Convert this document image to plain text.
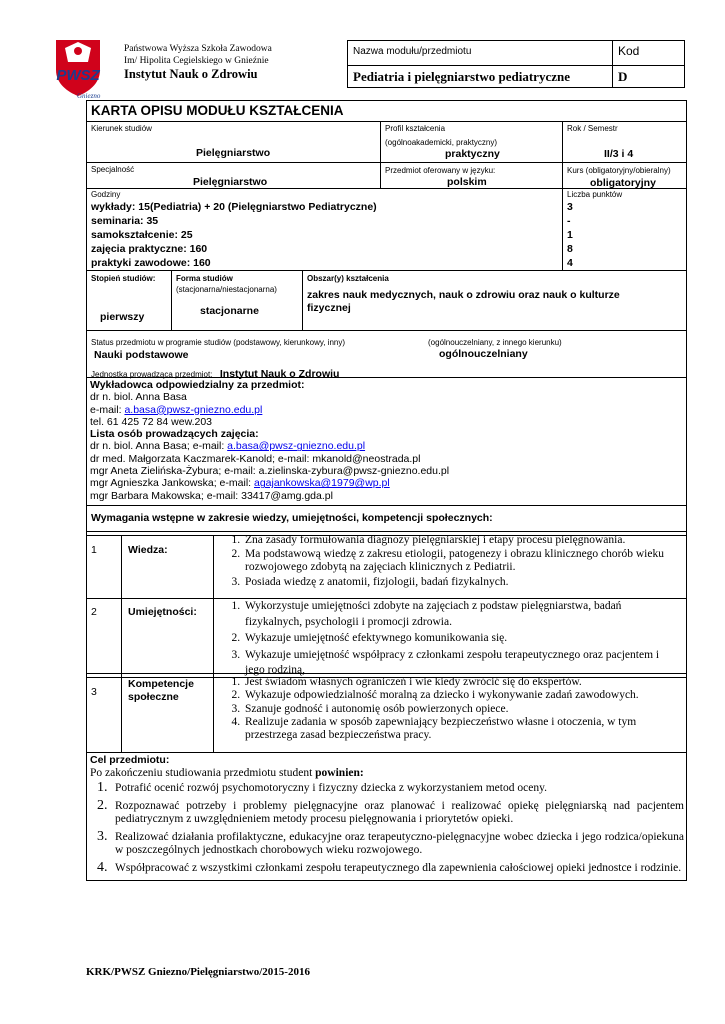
PWSZ
Gniezno
Państwowa Wyższa Szkoła Zawodowa
Im/ Hipolita Cegielskiego w Gnieźnie
Instytut Nauk o Zdrowiu
Nazwa modułu/przedmiotu	Kod
Pediatria i pielęgniarstwo pediatryczne	D
KARTA OPISU MODUŁU KSZTAŁCENIA
Kierunek studiów
Pielęgniarstwo
Profil kształcenia
(ogólnoakademicki, praktyczny)
praktyczny
Rok / Semestr
II/3 i 4
Specjalność
Pielęgniarstwo
Przedmiot oferowany w języku:
polskim
Kurs (obligatoryjny/obieralny)
obligatoryjny
Godziny
wykłady: 15(Pediatria) + 20 (Pielęgniarstwo Pediatryczne)
seminaria: 35
samokształcenie: 25
zajęcia praktyczne: 160
praktyki zawodowe: 160
Liczba punktów
3
-
1
8
4
Stopień studiów:
pierwszy
Forma studiów
(stacjonarna/niestacjonarna)
stacjonarne
Obszar(y) kształcenia
zakres nauk medycznych, nauk o zdrowiu oraz nauk o kulturze fizycznej
Status przedmiotu w programie studiów (podstawowy, kierunkowy, inny)
Nauki podstawowe
(ogólnouczelniany, z innego kierunku)
ogólnouczelniany
Jednostka prowadząca przedmiot: Instytut Nauk o Zdrowiu
Wykładowca odpowiedzialny za przedmiot:
dr n. biol. Anna Basa
e-mail: a.basa@pwsz-gniezno.edu.pl
tel. 61 425 72 84 wew.203
Lista osób prowadzących zajęcia:
dr n. biol. Anna Basa; e-mail: a.basa@pwsz-gniezno.edu.pl
dr med. Małgorzata Kaczmarek-Kanold; e-mail: mkanold@neostrada.pl
mgr Aneta Zielińska-Żybura; e-mail: a.zielinska-zybura@pwsz-gniezno.edu.pl
mgr Agnieszka Jankowska; e-mail: agajankowska@1979@wp.pl
mgr Barbara Makowska; e-mail: 33417@amg.gda.pl
Wymagania wstępne w zakresie wiedzy, umiejętności, kompetencji społecznych:
1	Wiedza:
1. Zna zasady formułowania diagnozy pielęgniarskiej i etapy procesu pielęgnowania.
2. Ma podstawową wiedzę z zakresu etiologii, patogenezy i obrazu klinicznego chorób wieku rozwojowego zdobytą na zajęciach klinicznych z Pediatrii.
3. Posiada wiedzę z anatomii, fizjologii, badań fizykalnych.
2	Umiejętności:
1.	Wykorzystuje umiejętności zdobyte na zajęciach z podstaw pielęgniarstwa, badań fizykalnych, psychologii i promocji zdrowia.
2. Wykazuje umiejętność efektywnego komunikowania się.
3. Wykazuje umiejętność współpracy z członkami zespołu terapeutycznego oraz pacjentem i jego rodziną,
3
Kompetencje społeczne
1. Jest świadom własnych ograniczeń i wie kiedy zwrócić się do ekspertów.
2. Wykazuje odpowiedzialność moralną za dziecko i wykonywanie zadań zawodowych.
3. Szanuje godność i autonomię osób powierzonych opiece.
4. Realizuje zadania w sposób zapewniający bezpieczeństwo własne i otoczenia, w tym przestrzega zasad bezpieczeństwa pracy.
Cel przedmiotu:
Po zakończeniu studiowania przedmiotu student powinien:
1. Potrafić ocenić rozwój psychomotoryczny i fizyczny dziecka z wykorzystaniem metod oceny.
2. Rozpoznawać potrzeby i problemy pielęgnacyjne oraz planować i realizować opiekę pielęgniarską nad pacjentem pediatrycznym z uwzględnieniem metody procesu pielęgnowania i priorytetów opieki.
3. Realizować działania profilaktyczne, edukacyjne oraz terapeutyczno-pielęgnacyjne wobec dziecka i jego rodzica/opiekuna w poszczególnych jednostkach chorobowych wieku rozwojowego.
4. Współpracować z wszystkimi członkami zespołu terapeutycznego dla zapewnienia całościowej opieki jednostce i rodzinie.
KRK/PWSZ Gniezno/Pielęgniarstwo/2015-2016
